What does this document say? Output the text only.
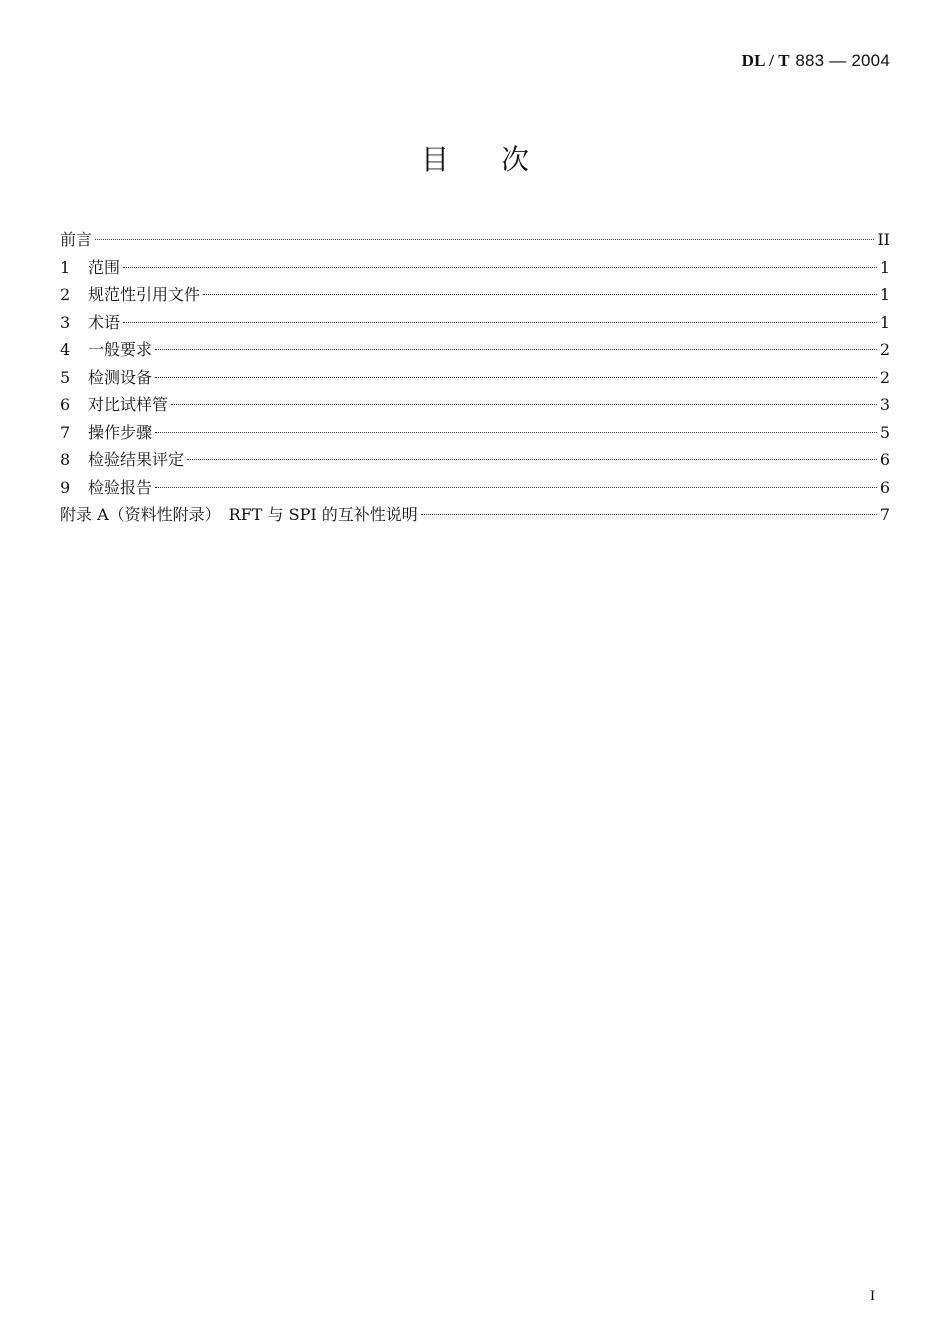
DL / T 883 — 2004
目次
前言	II
1	范围	1
2	规范性引用文件	1
3	术语	1
4	一般要求	2
5	检测设备	2
6	对比试样管	3
7	操作步骤	5
8	检验结果评定	6
9	检验报告	6
附录 A（资料性附录）　RFT 与 SPI 的互补性说明	7
I
